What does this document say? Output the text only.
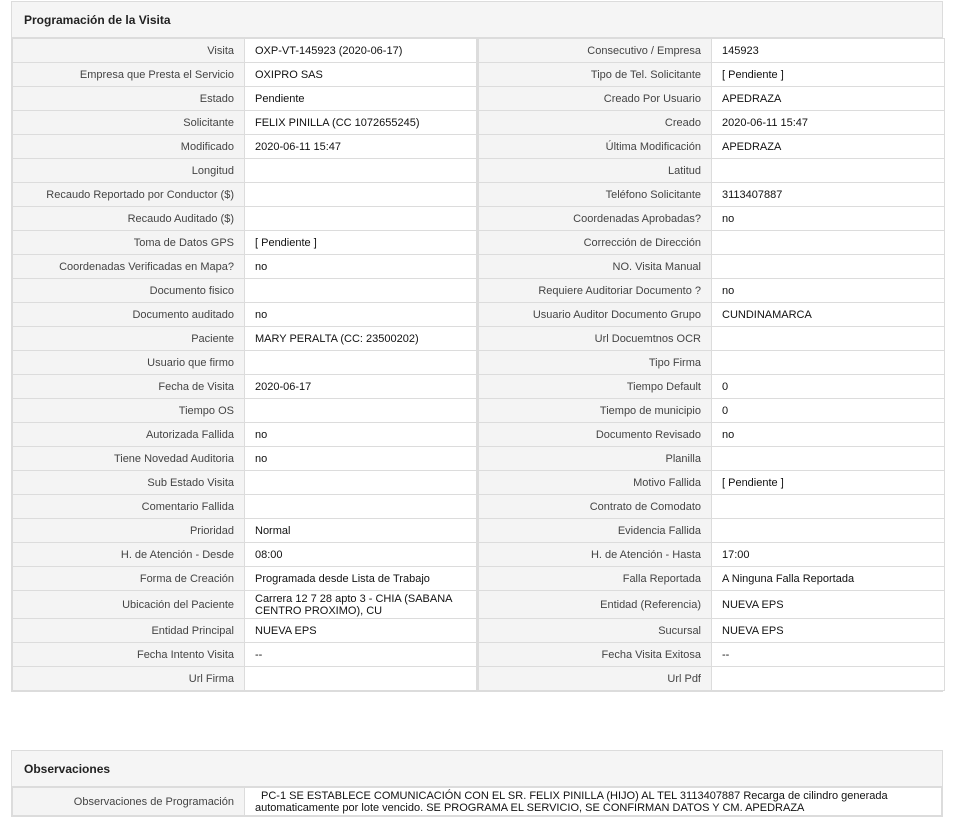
Programación de la Visita
Visita	OXP-VT-145923 (2020-06-17)	Consecutivo / Empresa	145923
Empresa que Presta el Servicio	OXIPRO SAS	Tipo de Tel. Solicitante	[ Pendiente ]
Estado	Pendiente	Creado Por Usuario	APEDRAZA
Solicitante	FELIX PINILLA (CC 1072655245)	Creado	2020-06-11 15:47
Modificado	2020-06-11 15:47	Última Modificación	APEDRAZA
Longitud		Latitud	
Recaudo Reportado por Conductor ($)		Teléfono Solicitante	3113407887
Recaudo Auditado ($)		Coordenadas Aprobadas?	no
Toma de Datos GPS	[ Pendiente ]	Corrección de Dirección	
Coordenadas Verificadas en Mapa?	no	NO. Visita Manual	
Documento fisico		Requiere Auditoriar Documento ?	no
Documento auditado	no	Usuario Auditor Documento Grupo	CUNDINAMARCA
Paciente	MARY PERALTA (CC: 23500202)	Url Docuemtnos OCR	
Usuario que firmo		Tipo Firma	
Fecha de Visita	2020-06-17	Tiempo Default	0
Tiempo OS		Tiempo de municipio	0
Autorizada Fallida	no	Documento Revisado	no
Tiene Novedad Auditoria	no	Planilla	
Sub Estado Visita		Motivo Fallida	[ Pendiente ]
Comentario Fallida		Contrato de Comodato	
Prioridad	Normal	Evidencia Fallida	
H. de Atención - Desde	08:00	H. de Atención - Hasta	17:00
Forma de Creación	Programada desde Lista de Trabajo	Falla Reportada	A Ninguna Falla Reportada
Ubicación del Paciente	Carrera 12 7 28 apto 3 - CHIA (SABANA CENTRO PROXIMO), CU	Entidad (Referencia)	NUEVA EPS
Entidad Principal	NUEVA EPS	Sucursal	NUEVA EPS
Fecha Intento Visita	--	Fecha Visita Exitosa	--
Url Firma		Url Pdf	
Observaciones
Observaciones de Programación	PC-1 SE ESTABLECE COMUNICACIÓN CON EL SR. FELIX PINILLA (HIJO) AL TEL 3113407887 Recarga de cilindro generada automaticamente por lote vencido. SE PROGRAMA EL SERVICIO, SE CONFIRMAN DATOS Y CM. APEDRAZA
